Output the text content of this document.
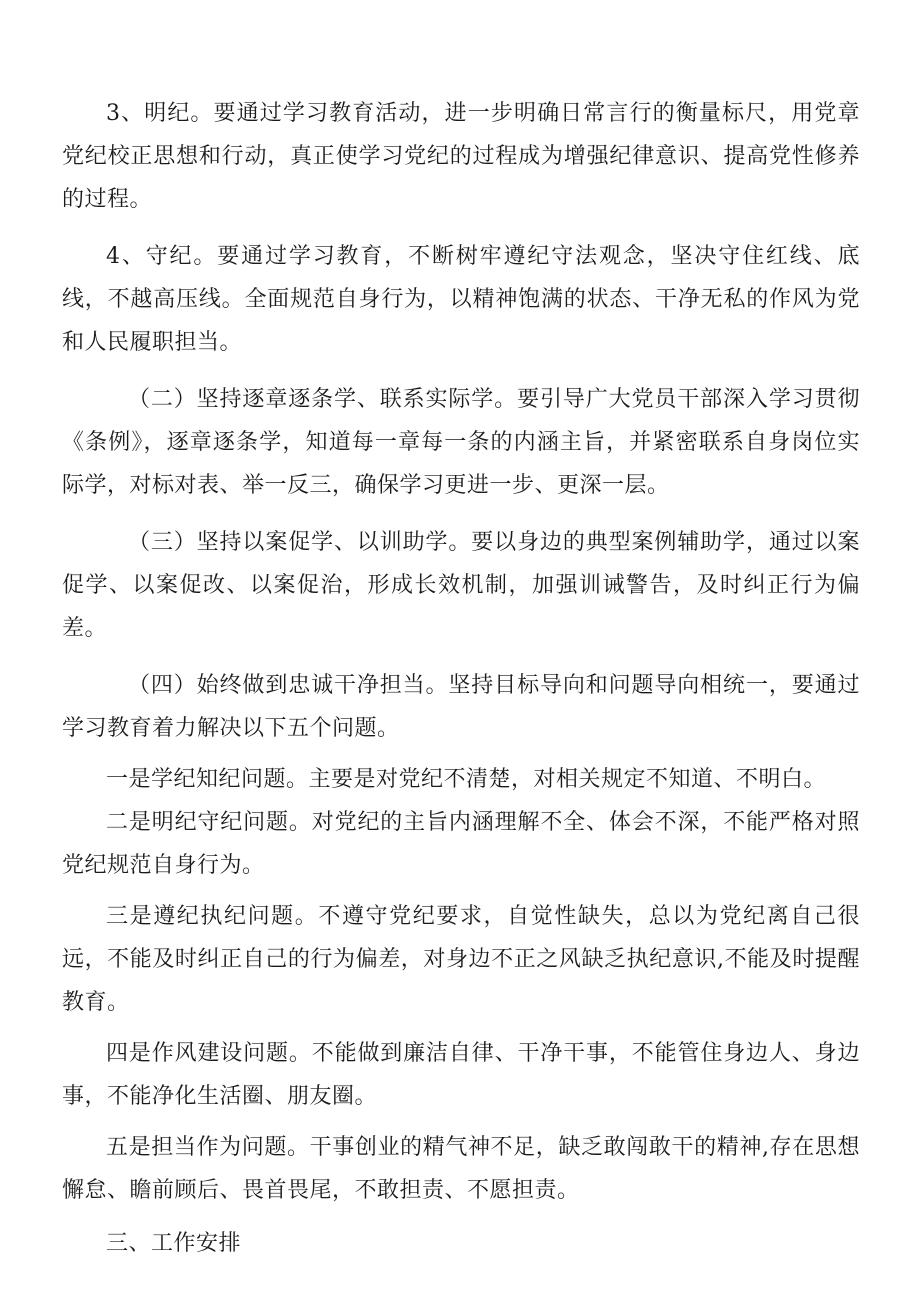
3、明纪。要通过学习教育活动，进一步明确日常言行的衡量标尺，用党章党纪校正思想和行动，真正使学习党纪的过程成为增强纪律意识、提高党性修养的过程。

4、守纪。要通过学习教育，不断树牢遵纪守法观念，坚决守住红线、底线，不越高压线。全面规范自身行为，以精神饱满的状态、干净无私的作风为党和人民履职担当。

（二）坚持逐章逐条学、联系实际学。要引导广大党员干部深入学习贯彻《条例》，逐章逐条学，知道每一章每一条的内涵主旨，并紧密联系自身岗位实际学，对标对表、举一反三，确保学习更进一步、更深一层。

（三）坚持以案促学、以训助学。要以身边的典型案例辅助学，通过以案促学、以案促改、以案促治，形成长效机制，加强训诫警告，及时纠正行为偏差。

（四）始终做到忠诚干净担当。坚持目标导向和问题导向相统一，要通过学习教育着力解决以下五个问题。

一是学纪知纪问题。主要是对党纪不清楚，对相关规定不知道、不明白。

二是明纪守纪问题。对党纪的主旨内涵理解不全、体会不深，不能严格对照党纪规范自身行为。

三是遵纪执纪问题。不遵守党纪要求，自觉性缺失，总以为党纪离自己很远，不能及时纠正自己的行为偏差，对身边不正之风缺乏执纪意识,不能及时提醒教育。

四是作风建设问题。不能做到廉洁自律、干净干事，不能管住身边人、身边事，不能净化生活圈、朋友圈。

五是担当作为问题。干事创业的精气神不足，缺乏敢闯敢干的精神,存在思想懈怠、瞻前顾后、畏首畏尾，不敢担责、不愿担责。

三、工作安排
